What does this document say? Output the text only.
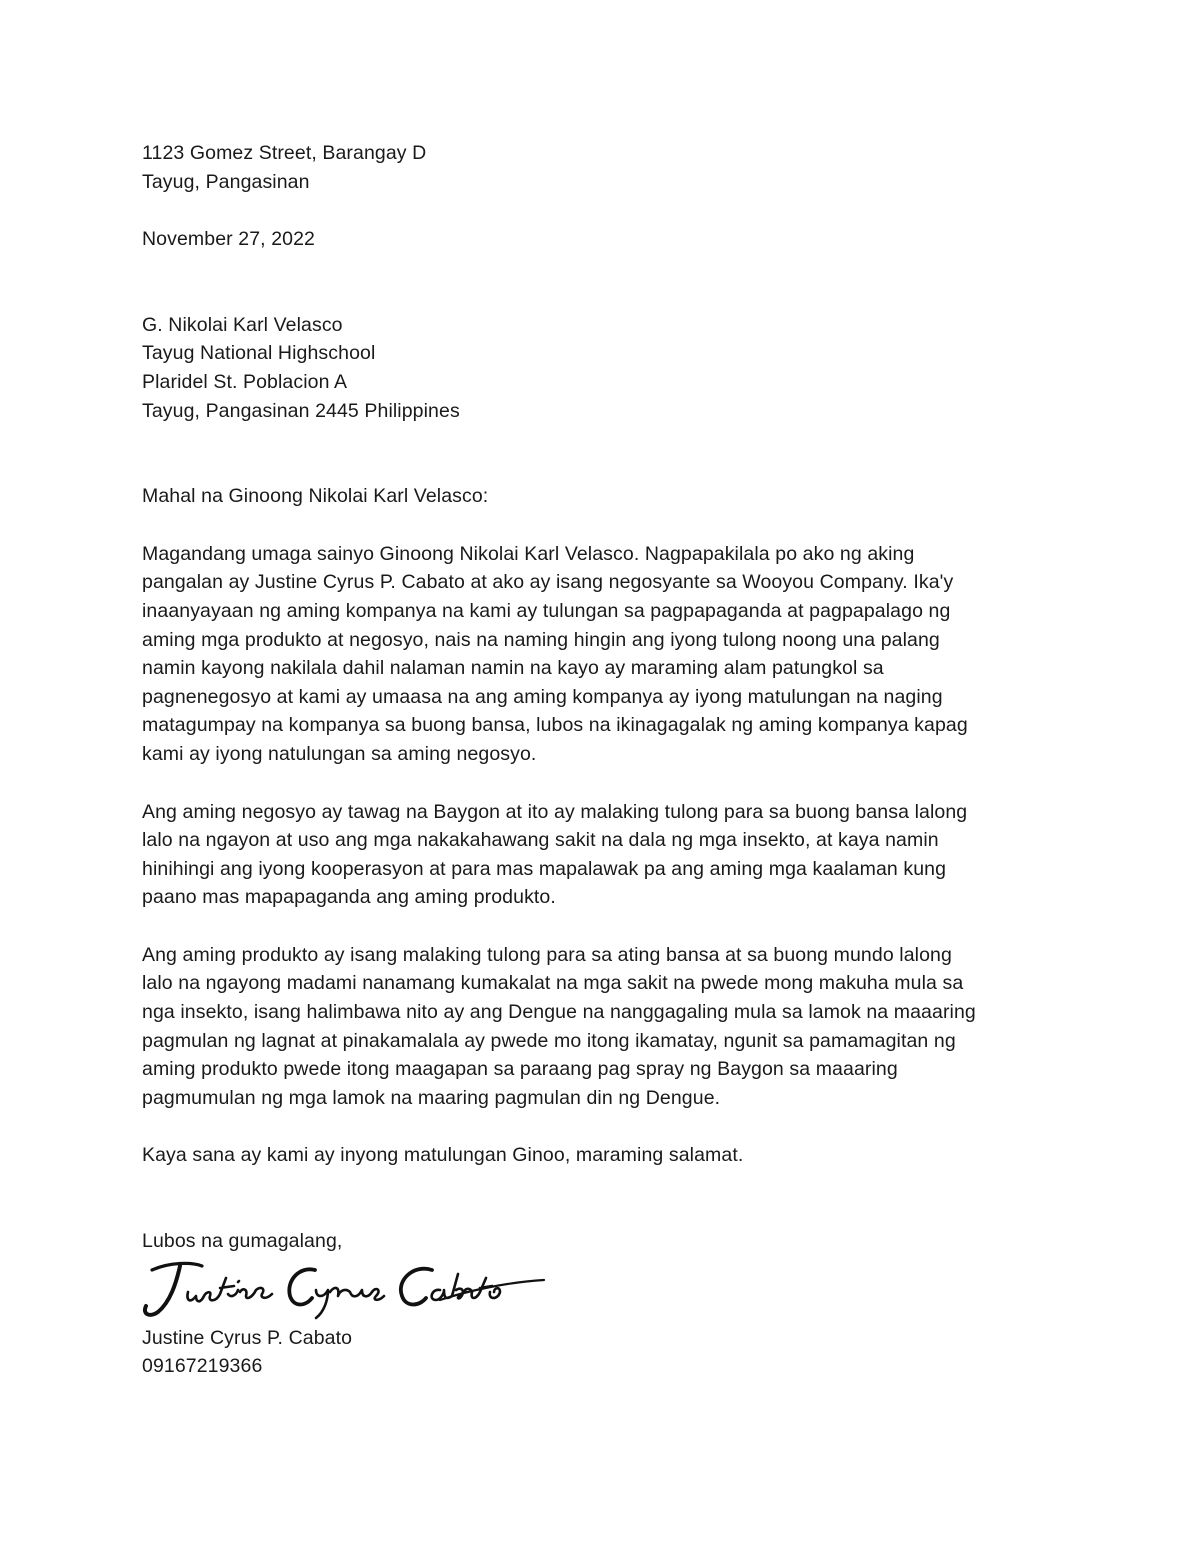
1123 Gomez Street, Barangay D
Tayug, Pangasinan
November 27, 2022
G. Nikolai Karl Velasco
Tayug National Highschool
Plaridel St. Poblacion A
Tayug, Pangasinan 2445 Philippines
Mahal na Ginoong Nikolai Karl Velasco:
Magandang umaga sainyo Ginoong Nikolai Karl Velasco. Nagpapakilala po ako ng aking
pangalan ay Justine Cyrus P. Cabato at ako ay isang negosyante sa Wooyou Company. Ika'y
inaanyayaan ng aming kompanya na kami ay tulungan sa pagpapaganda at pagpapalago ng
aming mga produkto at negosyo, nais na naming hingin ang iyong tulong noong una palang
namin kayong nakilala dahil nalaman namin na kayo ay maraming alam patungkol sa
pagnenegosyo at kami ay umaasa na ang aming kompanya ay iyong matulungan na naging
matagumpay na kompanya sa buong bansa, lubos na ikinagagalak ng aming kompanya kapag
kami ay iyong natulungan sa aming negosyo.
Ang aming negosyo ay tawag na Baygon at ito ay malaking tulong para sa buong bansa lalong
lalo na ngayon at uso ang mga nakakahawang sakit na dala ng mga insekto, at kaya namin
hinihingi ang iyong kooperasyon at para mas mapalawak pa ang aming mga kaalaman kung
paano mas mapapaganda ang aming produkto.
Ang aming produkto ay isang malaking tulong para sa ating bansa at sa buong mundo lalong
lalo na ngayong madami nanamang kumakalat na mga sakit na pwede mong makuha mula sa
nga insekto, isang halimbawa nito ay ang Dengue na nanggagaling mula sa lamok na maaaring
pagmulan ng lagnat at pinakamalala ay pwede mo itong ikamatay, ngunit sa pamamagitan ng
aming produkto pwede itong maagapan sa paraang pag spray ng Baygon sa maaaring
pagmumulan ng mga lamok na maaring pagmulan din ng Dengue.
Kaya sana ay kami ay inyong matulungan Ginoo, maraming salamat.
Lubos na gumagalang,
Justine Cyrus P. Cabato
09167219366
